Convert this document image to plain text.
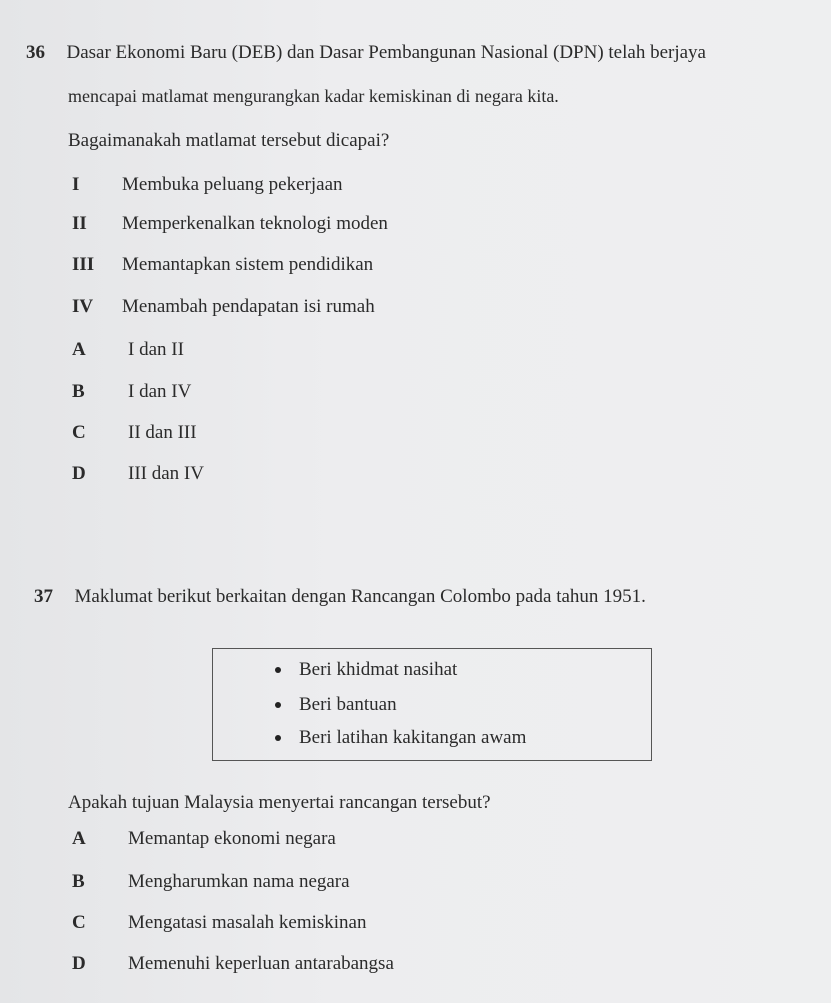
36 Dasar Ekonomi Baru (DEB) dan Dasar Pembangunan Nasional (DPN) telah berjaya
mencapai matlamat mengurangkan kadar kemiskinan di negara kita.
Bagaimanakah matlamat tersebut dicapai?
I Membuka peluang pekerjaan
II Memperkenalkan teknologi moden
III Memantapkan sistem pendidikan
IV Menambah pendapatan isi rumah
A I dan II
B I dan IV
C II dan III
D III dan IV
37 Maklumat berikut berkaitan dengan Rancangan Colombo pada tahun 1951.
Beri khidmat nasihat
Beri bantuan
Beri latihan kakitangan awam
Apakah tujuan Malaysia menyertai rancangan tersebut?
A Memantap ekonomi negara
B Mengharumkan nama negara
C Mengatasi masalah kemiskinan
D Memenuhi keperluan antarabangsa
